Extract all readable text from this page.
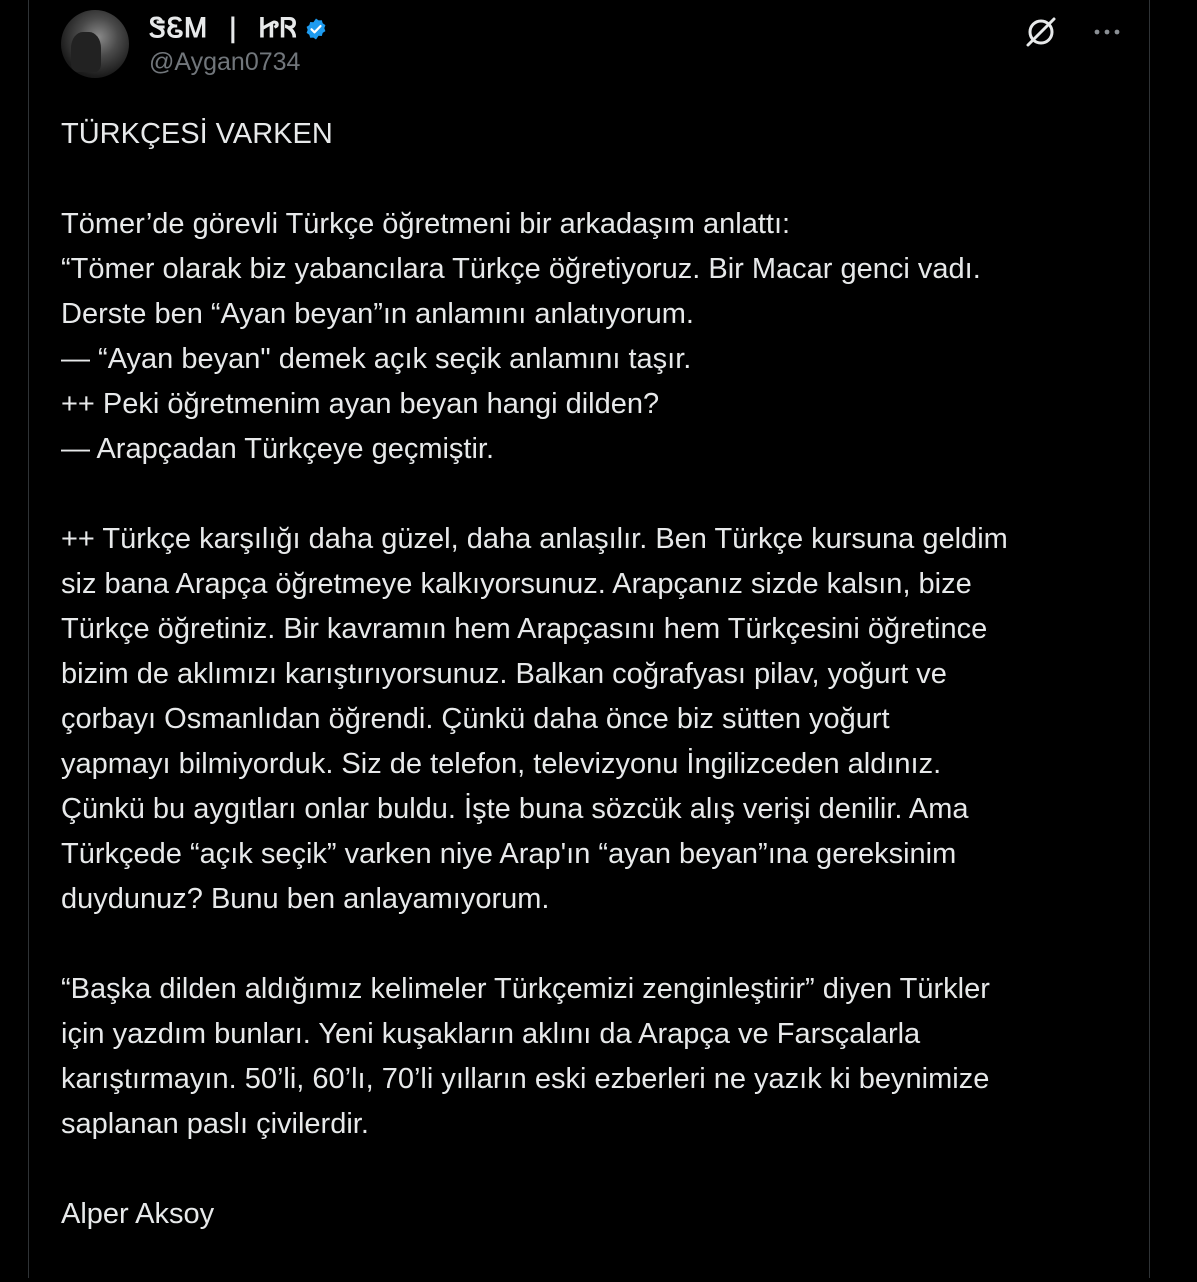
ᏕᏋᎷ | ᏥᏒ
@Aygan0734
TÜRKÇESİ VARKEN
Tömer’de görevli Türkçe öğretmeni bir arkadaşım anlattı:
“Tömer olarak biz yabancılara Türkçe öğretiyoruz. Bir Macar genci vadı.
Derste ben “Ayan beyan”ın anlamını anlatıyorum.
— “Ayan beyan" demek açık seçik anlamını taşır.
++ Peki öğretmenim ayan beyan hangi dilden?
— Arapçadan Türkçeye geçmiştir.
++ Türkçe karşılığı daha güzel, daha anlaşılır. Ben Türkçe kursuna geldim
siz bana Arapça öğretmeye kalkıyorsunuz. Arapçanız sizde kalsın, bize
Türkçe öğretiniz. Bir kavramın hem Arapçasını hem Türkçesini öğretince
bizim de aklımızı karıştırıyorsunuz. Balkan coğrafyası pilav, yoğurt ve
çorbayı Osmanlıdan öğrendi. Çünkü daha önce biz sütten yoğurt
yapmayı bilmiyorduk. Siz de telefon, televizyonu İngilizceden aldınız.
Çünkü bu aygıtları onlar buldu. İşte buna sözcük alış verişi denilir. Ama
Türkçede “açık seçik” varken niye Arap'ın “ayan beyan”ına gereksinim
duydunuz? Bunu ben anlayamıyorum.
“Başka dilden aldığımız kelimeler Türkçemizi zenginleştirir” diyen Türkler
için yazdım bunları. Yeni kuşakların aklını da Arapça ve Farsçalarla
karıştırmayın. 50’li, 60’lı, 70’li yılların eski ezberleri ne yazık ki beynimize
saplanan paslı çivilerdir.
Alper Aksoy
